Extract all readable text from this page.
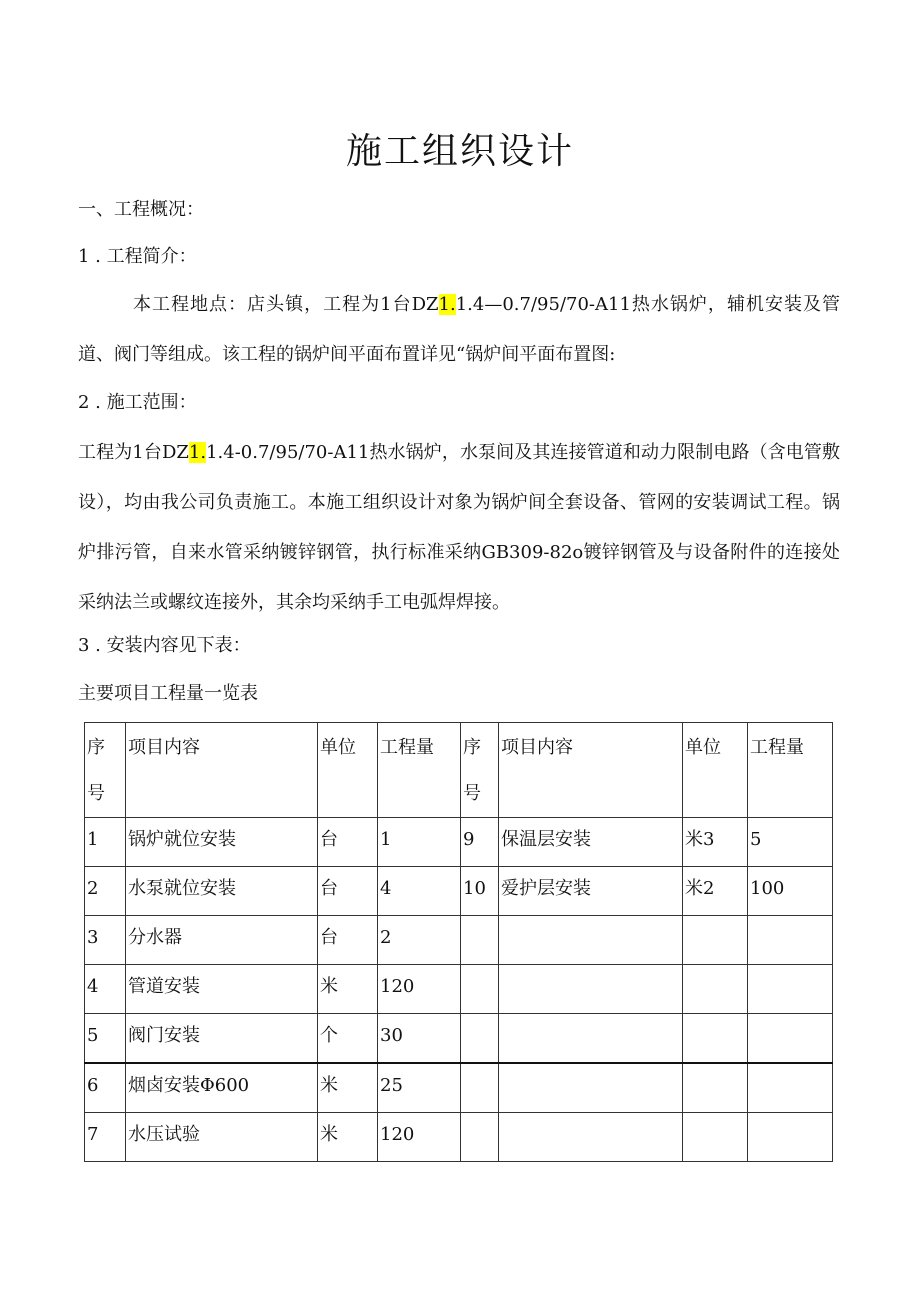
施工组织设计
一、工程概况：
1 . 工程简介：
本工程地点：店头镇，工程为1台DZ1.1.4—0.7/95/70-A11热水锅炉，辅机安装及管道、阀门等组成。该工程的锅炉间平面布置详见“锅炉间平面布置图:
2 . 施工范围：
工程为1台DZ1.1.4-0.7/95/70-A11热水锅炉，水泵间及其连接管道和动力限制电路（含电管敷设），均由我公司负责施工。本施工组织设计对象为锅炉间全套设备、管网的安装调试工程。锅炉排污管，自来水管采纳镀锌钢管，执行标准采纳GB309-82o镀锌钢管及与设备附件的连接处采纳法兰或螺纹连接外，其余均采纳手工电弧焊焊接。
3 . 安装内容见下表：
主要项目工程量一览表
序号	项目内容	单位	工程量	序号	项目内容	单位	工程量
1	锅炉就位安装	台	1	9	保温层安装	米3	5
2	水泵就位安装	台	4	10	爱护层安装	米2	100
3	分水器	台	2				
4	管道安装	米	120				
5	阀门安装	个	30				
6	烟卤安装Φ600	米	25				
7	水压试验	米	120				
